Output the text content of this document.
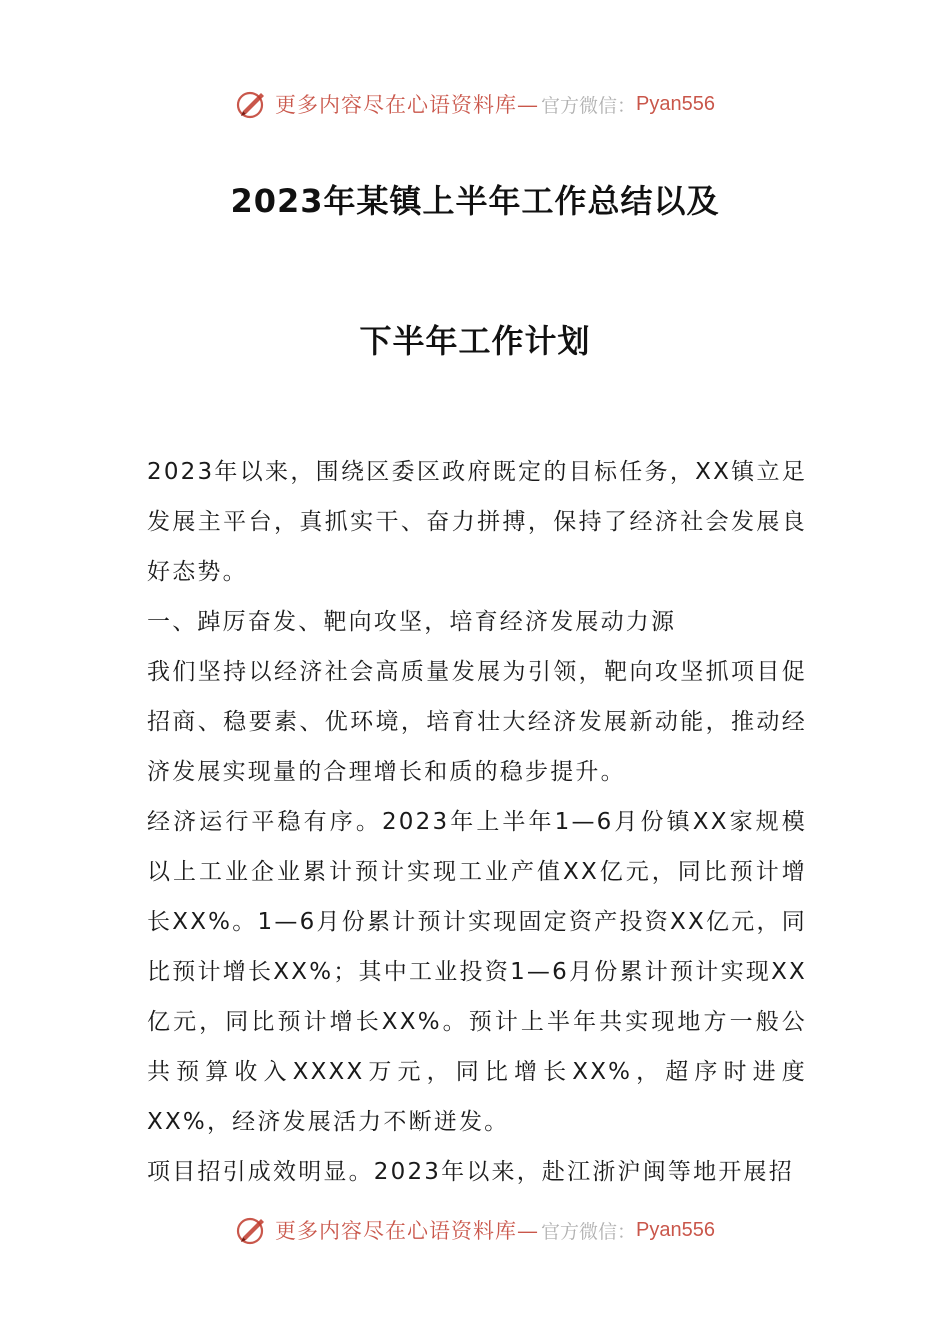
更多内容尽在心语资料库— 官方微信： Pyan556
2023年某镇上半年工作总结以及
下半年工作计划

2023年以来，围绕区委区政府既定的目标任务，XX镇立足发展主平台，真抓实干、奋力拼搏，保持了经济社会发展良好态势。

一、踔厉奋发、靶向攻坚，培育经济发展动力源

我们坚持以经济社会高质量发展为引领，靶向攻坚抓项目促招商、稳要素、优环境，培育壮大经济发展新动能，推动经济发展实现量的合理增长和质的稳步提升。

经济运行平稳有序。2023年上半年1—6月份镇XX家规模以上工业企业累计预计实现工业产值XX亿元，同比预计增长XX%。1—6月份累计预计实现固定资产投资XX亿元，同比预计增长XX%；其中工业投资1—6月份累计预计实现XX亿元，同比预计增长XX%。预计上半年共实现地方一般公共预算收入XXXX万元，同比增长XX%，超序时进度XX%，经济发展活力不断迸发。

项目招引成效明显。2023年以来，赴江浙沪闽等地开展招

更多内容尽在心语资料库— 官方微信： Pyan556
